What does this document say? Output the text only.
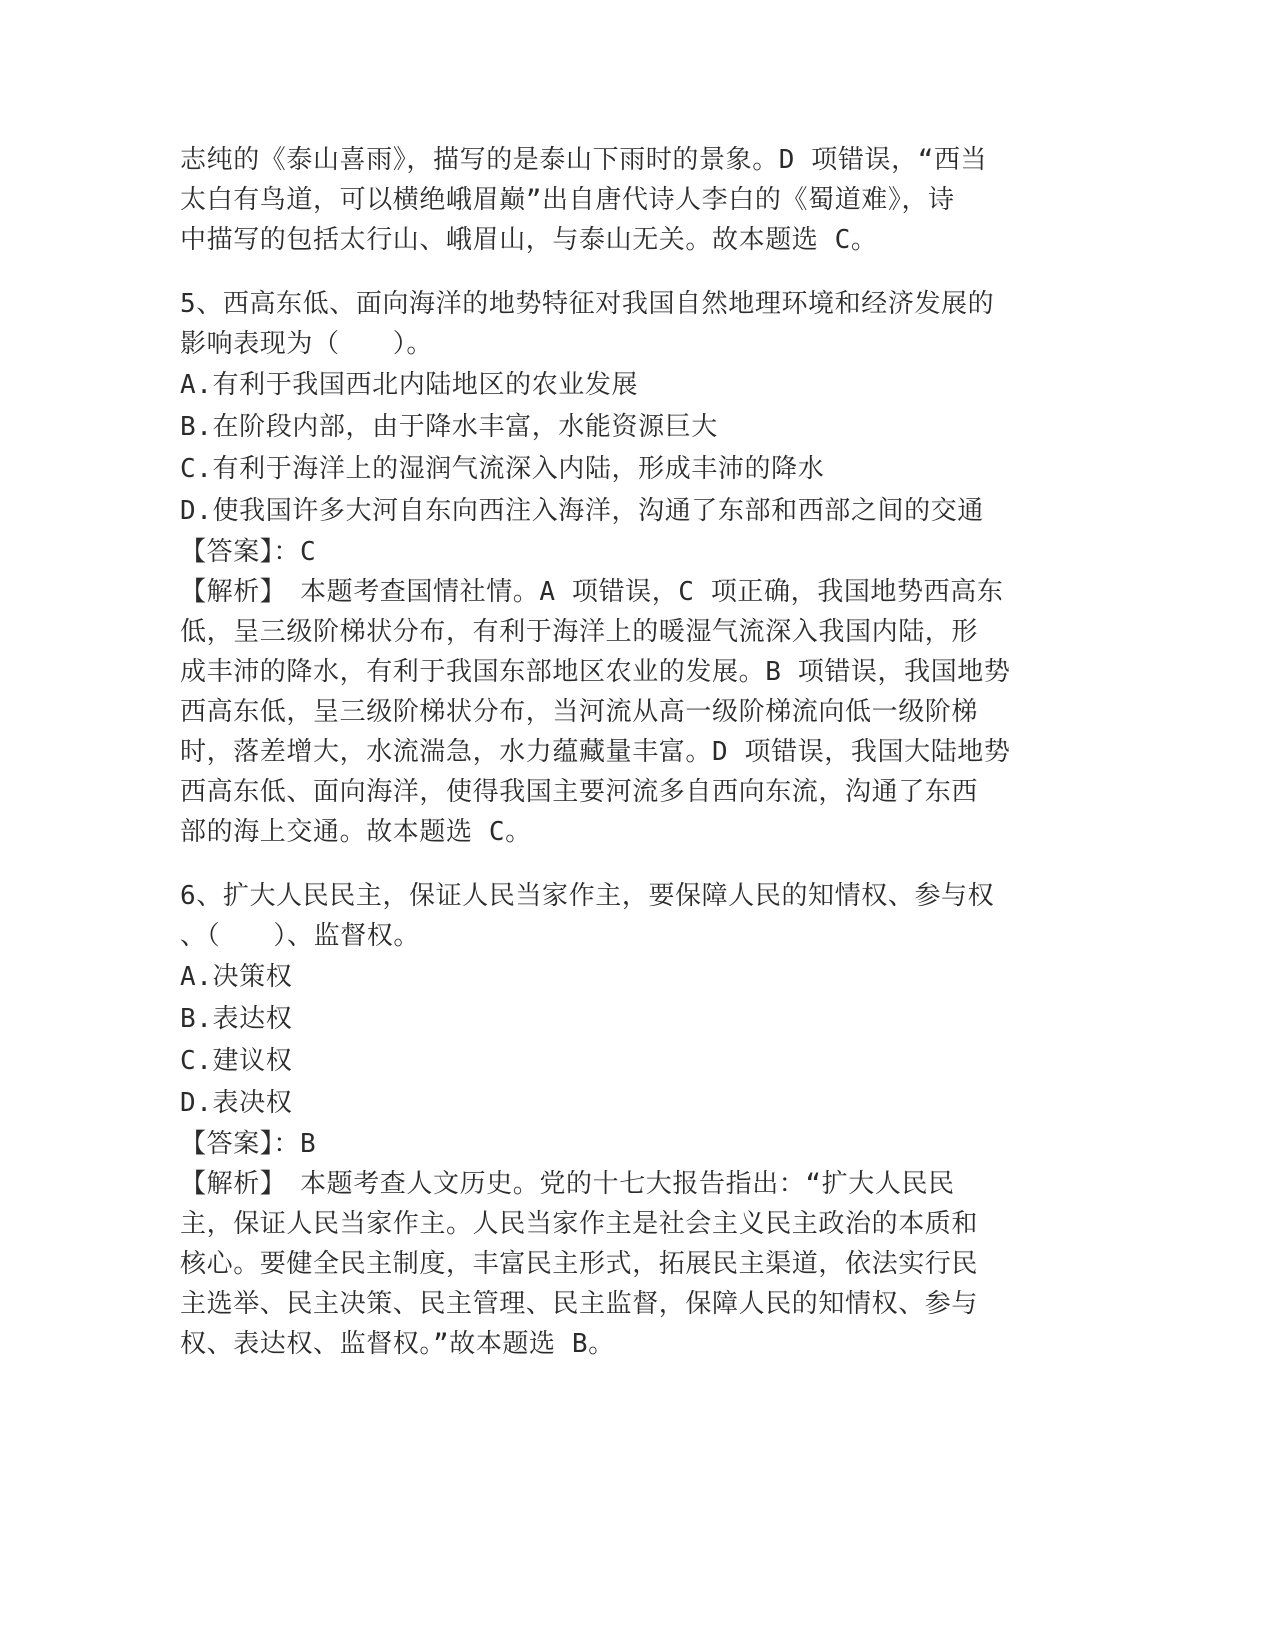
志纯的《泰山喜雨》，描写的是泰山下雨时的景象。D 项错误，“西当
太白有鸟道，可以横绝峨眉巅”出自唐代诗人李白的《蜀道难》，诗
中描写的包括太行山、峨眉山，与泰山无关。故本题选 C。
5、西高东低、面向海洋的地势特征对我国自然地理环境和经济发展的
影响表现为（　　）。
A.有利于我国西北内陆地区的农业发展
B.在阶段内部，由于降水丰富，水能资源巨大
C.有利于海洋上的湿润气流深入内陆，形成丰沛的降水
D.使我国许多大河自东向西注入海洋，沟通了东部和西部之间的交通
【答案】：C
【解析】　本题考查国情社情。A 项错误，C 项正确，我国地势西高东
低，呈三级阶梯状分布，有利于海洋上的暖湿气流深入我国内陆，形
成丰沛的降水，有利于我国东部地区农业的发展。B 项错误，我国地势
西高东低，呈三级阶梯状分布，当河流从高一级阶梯流向低一级阶梯
时，落差增大，水流湍急，水力蕴藏量丰富。D 项错误，我国大陆地势
西高东低、面向海洋，使得我国主要河流多自西向东流，沟通了东西
部的海上交通。故本题选 C。
6、扩大人民民主，保证人民当家作主，要保障人民的知情权、参与权
、（　　）、监督权。
A.决策权
B.表达权
C.建议权
D.表决权
【答案】：B
【解析】　本题考查人文历史。党的十七大报告指出：“扩大人民民
主，保证人民当家作主。人民当家作主是社会主义民主政治的本质和
核心。要健全民主制度，丰富民主形式，拓展民主渠道，依法实行民
主选举、民主决策、民主管理、民主监督，保障人民的知情权、参与
权、表达权、监督权。”故本题选 B。
